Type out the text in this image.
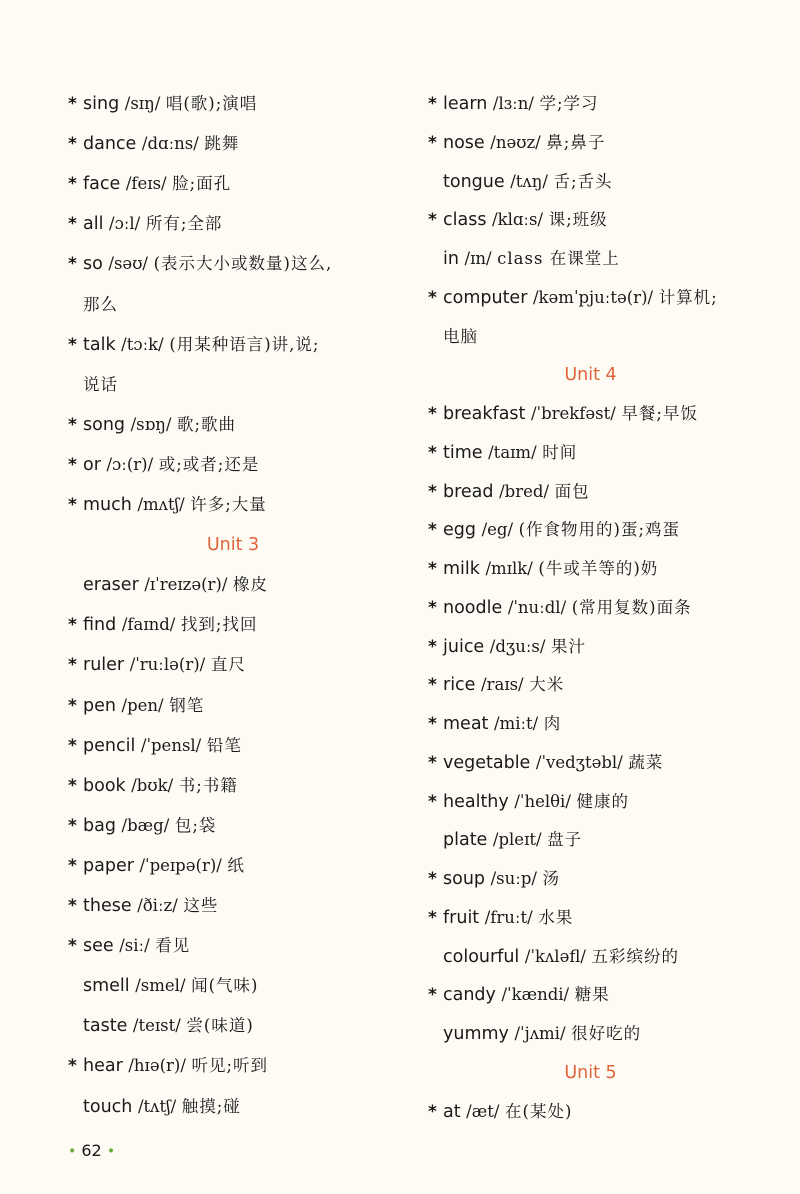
* sing /sɪŋ/ 唱(歌);演唱
* dance /dɑːns/ 跳舞
* face /feɪs/ 脸;面孔
* all /ɔːl/ 所有;全部
* so /səʊ/ (表示大小或数量)这么,
那么
* talk /tɔːk/ (用某种语言)讲,说;
说话
* song /sɒŋ/ 歌;歌曲
* or /ɔː(r)/ 或;或者;还是
* much /mʌtʃ/ 许多;大量
Unit 3
eraser /ɪˈreɪzə(r)/ 橡皮
* find /faɪnd/ 找到;找回
* ruler /ˈruːlə(r)/ 直尺
* pen /pen/ 钢笔
* pencil /ˈpensl/ 铅笔
* book /bʊk/ 书;书籍
* bag /bæg/ 包;袋
* paper /ˈpeɪpə(r)/ 纸
* these /ðiːz/ 这些
* see /siː/ 看见
smell /smel/ 闻(气味)
taste /teɪst/ 尝(味道)
* hear /hɪə(r)/ 听见;听到
touch /tʌtʃ/ 触摸;碰
* learn /lɜːn/ 学;学习
* nose /nəʊz/ 鼻;鼻子
tongue /tʌŋ/ 舌;舌头
* class /klɑːs/ 课;班级
in /ɪn/ class 在课堂上
* computer /kəmˈpjuːtə(r)/ 计算机;
电脑
Unit 4
* breakfast /ˈbrekfəst/ 早餐;早饭
* time /taɪm/ 时间
* bread /bred/ 面包
* egg /eg/ (作食物用的)蛋;鸡蛋
* milk /mɪlk/ (牛或羊等的)奶
* noodle /ˈnuːdl/ (常用复数)面条
* juice /dʒuːs/ 果汁
* rice /raɪs/ 大米
* meat /miːt/ 肉
* vegetable /ˈvedʒtəbl/ 蔬菜
* healthy /ˈhelθi/ 健康的
plate /pleɪt/ 盘子
* soup /suːp/ 汤
* fruit /fruːt/ 水果
colourful /ˈkʌləfl/ 五彩缤纷的
* candy /ˈkændi/ 糖果
yummy /ˈjʌmi/ 很好吃的
Unit 5
* at /æt/ 在(某处)
• 62 •
